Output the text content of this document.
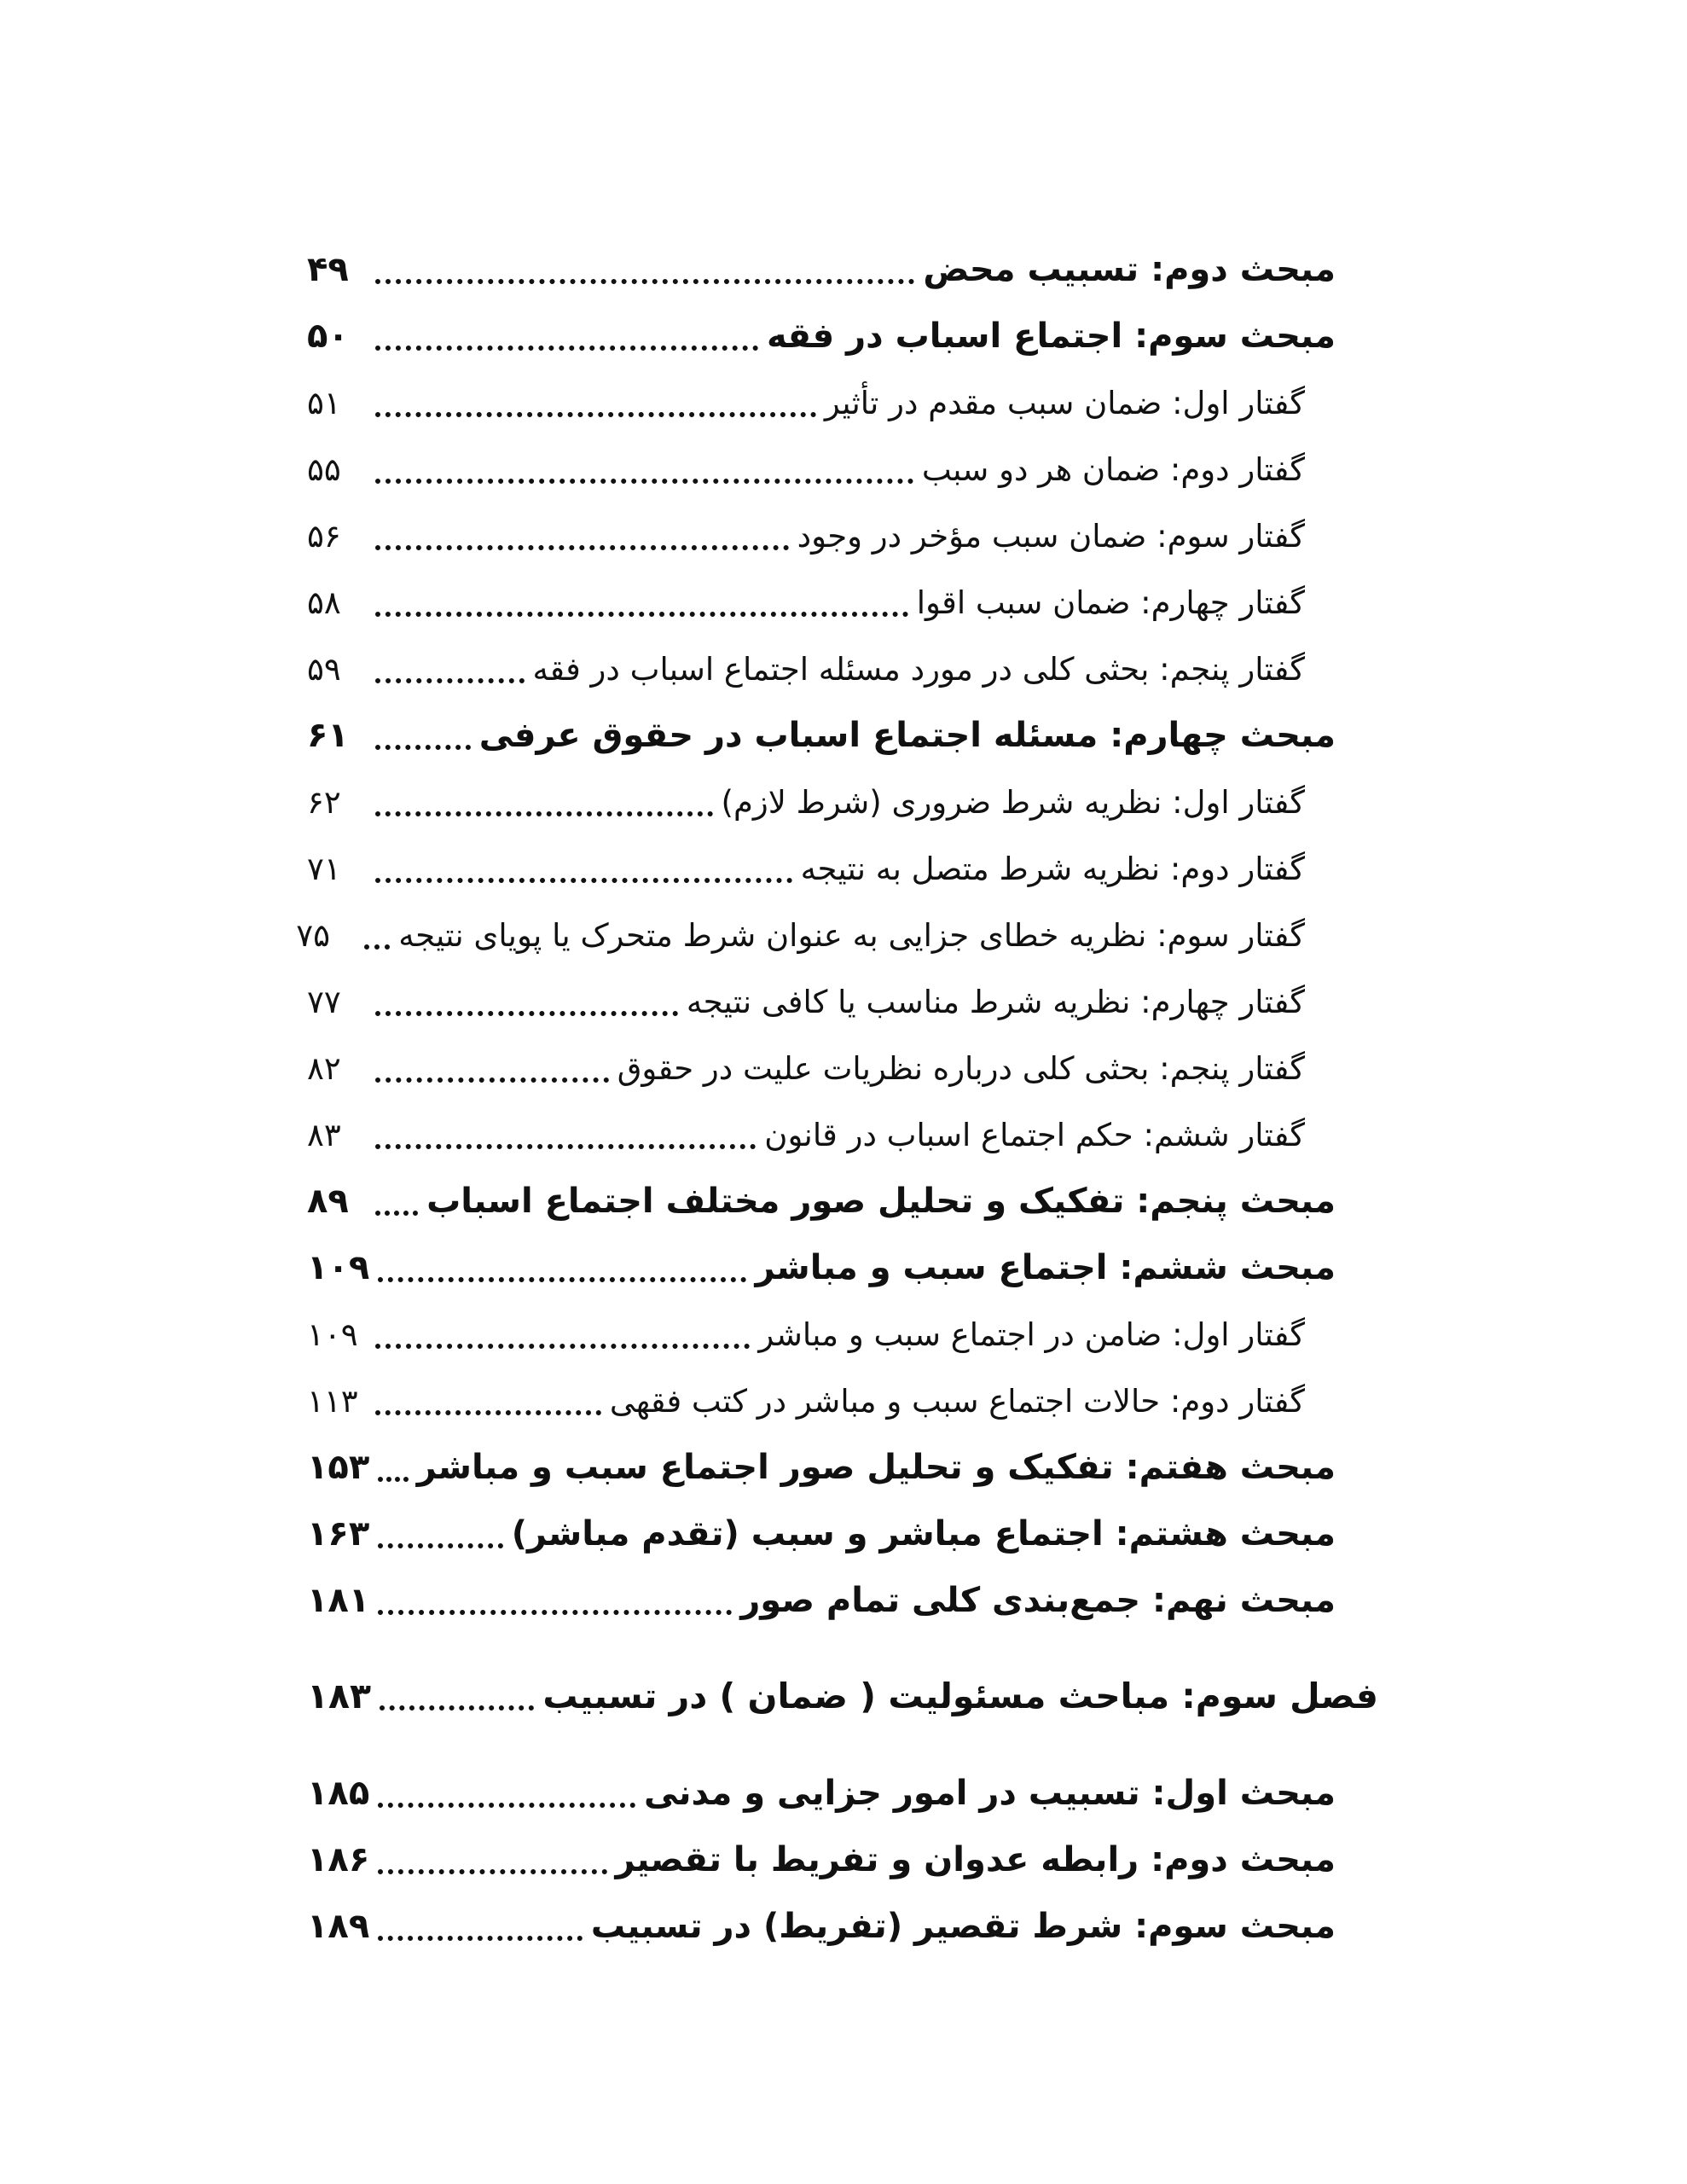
مبحث دوم: تسبیب محض
۴۹
مبحث سوم: اجتماع اسباب در فقه
۵۰
گفتار اول: ضمان سبب مقدم در تأثیر
۵۱
گفتار دوم: ضمان هر دو سبب
۵۵
گفتار سوم: ضمان سبب مؤخر در وجود
۵۶
گفتار چهارم: ضمان سبب اقوا
۵۸
گفتار پنجم: بحثی کلی در مورد مسئله اجتماع اسباب در فقه
۵۹
مبحث چهارم: مسئله اجتماع اسباب در حقوق عرفی
۶۱
گفتار اول: نظریه شرط ضروری (شرط لازم)
۶۲
گفتار دوم: نظریه شرط متصل به نتیجه
۷۱
گفتار سوم: نظریه خطای جزایی به عنوان شرط متحرک یا پویای نتیجه
۷۵
گفتار چهارم: نظریه شرط مناسب یا کافی نتیجه
۷۷
گفتار پنجم: بحثی کلی درباره نظریات علیت در حقوق
۸۲
گفتار ششم: حکم اجتماع اسباب در قانون
۸۳
مبحث پنجم: تفکیک و تحلیل صور مختلف اجتماع اسباب
۸۹
مبحث ششم: اجتماع سبب و مباشر
۱۰۹
گفتار اول: ضامن در اجتماع سبب و مباشر
۱۰۹
گفتار دوم: حالات اجتماع سبب و مباشر در کتب فقهی
۱۱۳
مبحث هفتم: تفکیک و تحلیل صور اجتماع سبب و مباشر
۱۵۳
مبحث هشتم: اجتماع مباشر و سبب (تقدم مباشر)
۱۶۳
مبحث نهم: جمع‌بندی کلی تمام صور
۱۸۱
فصل سوم: مباحث مسئولیت ( ضمان ) در تسبیب
۱۸۳
مبحث اول: تسبیب در امور جزایی و مدنی
۱۸۵
مبحث دوم: رابطه عدوان و تفریط با تقصیر
۱۸۶
مبحث سوم: شرط تقصیر (تفریط) در تسبیب
۱۸۹
